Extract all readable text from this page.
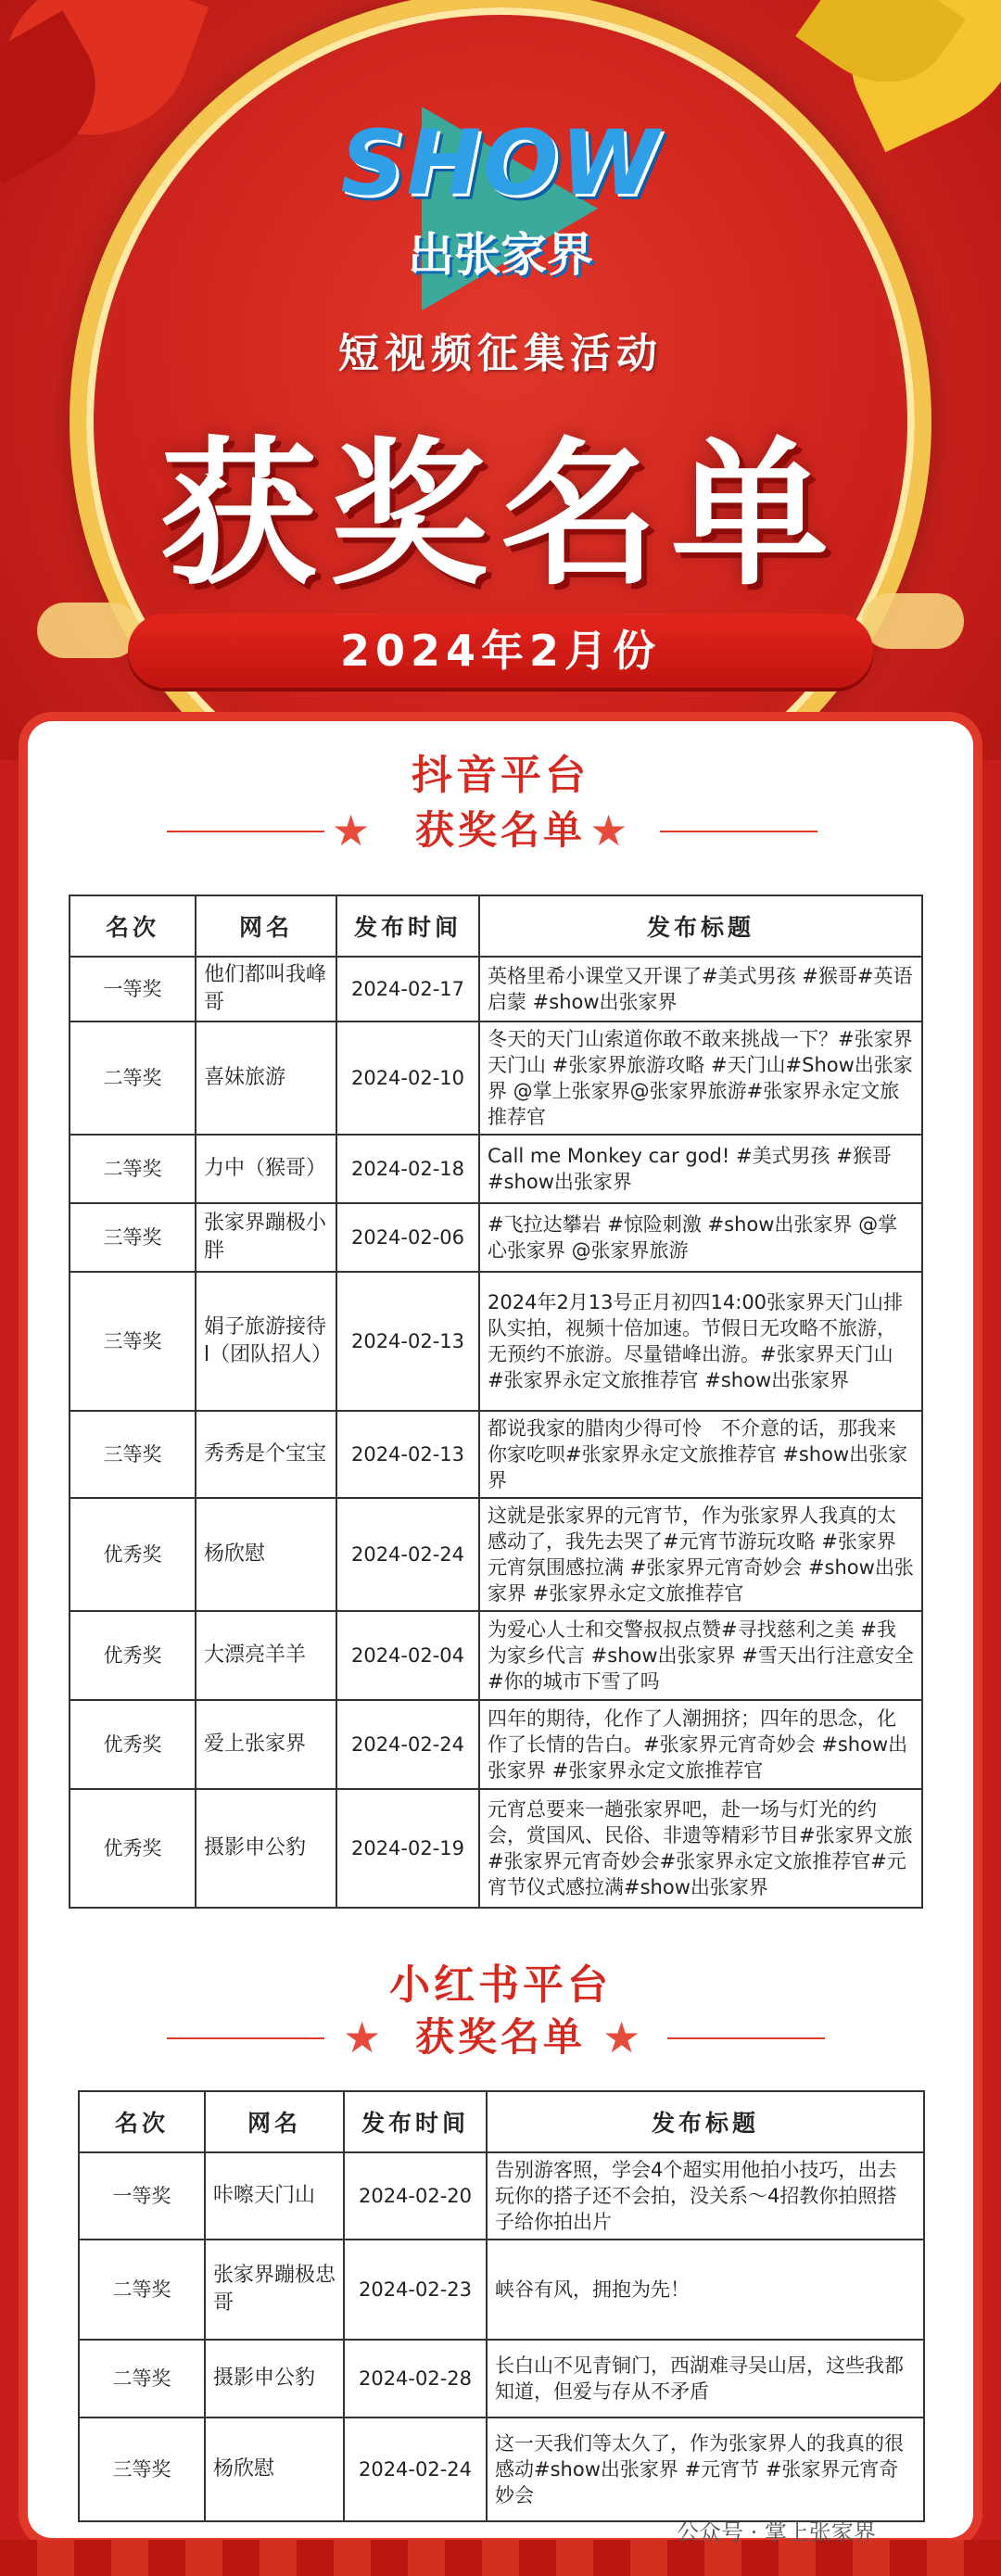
SHOW
出张家界
短视频征集活动
获奖名单
2024年2月份
抖音平台
★	获奖名单 ★
名次	网名	发布时间	发布标题
一等奖	他们都叫我峰哥	2024-02-17	英格里希小课堂又开课了#美式男孩 #猴哥#英语启蒙 #show出张家界
二等奖	喜妹旅游	2024-02-10	冬天的天门山索道你敢不敢来挑战一下？#张家界天门山 #张家界旅游攻略 #天门山#Show出张家界 @掌上张家界@张家界旅游#张家界永定文旅推荐官
二等奖	力中（猴哥）	2024-02-18	Call me Monkey car god! #美式男孩 #猴哥#show出张家界
三等奖	张家界蹦极小胖	2024-02-06	#飞拉达攀岩 #惊险刺激 #show出张家界 @掌心张家界 @张家界旅游
三等奖	娟子旅游接待l（团队招人）	2024-02-13	2024年2月13号正月初四14:00张家界天门山排队实拍，视频十倍加速。节假日无攻略不旅游，无预约不旅游。尽量错峰出游。#张家界天门山 #张家界永定文旅推荐官 #show出张家界
三等奖	秀秀是个宝宝	2024-02-13	都说我家的腊肉少得可怜　不介意的话，那我来你家吃呗#张家界永定文旅推荐官 #show出张家界
优秀奖	杨欣慰	2024-02-24	这就是张家界的元宵节，作为张家界人我真的太感动了，我先去哭了#元宵节游玩攻略 #张家界元宵氛围感拉满 #张家界元宵奇妙会 #show出张家界 #张家界永定文旅推荐官
优秀奖	大漂亮羊羊	2024-02-04	为爱心人士和交警叔叔点赞#寻找慈利之美 #我为家乡代言 #show出张家界 #雪天出行注意安全 #你的城市下雪了吗
优秀奖	爱上张家界	2024-02-24	四年的期待，化作了人潮拥挤；四年的思念，化作了长情的告白。#张家界元宵奇妙会 #show出张家界 #张家界永定文旅推荐官
优秀奖	摄影申公豹	2024-02-19	元宵总要来一趟张家界吧，赴一场与灯光的约会，赏国风、民俗、非遗等精彩节目#张家界文旅 #张家界元宵奇妙会#张家界永定文旅推荐官#元宵节仪式感拉满#show出张家界
小红书平台
★ 获奖名单 ★
名次	网名	发布时间	发布标题
一等奖	咔嚓天门山	2024-02-20	告别游客照，学会4个超实用他拍小技巧，出去玩你的搭子还不会拍，没关系～4招教你拍照搭子给你拍出片
二等奖	张家界蹦极忠哥	2024-02-23	峡谷有风，拥抱为先！
二等奖	摄影申公豹	2024-02-28	长白山不见青铜门，西湖难寻吴山居，这些我都知道，但爱与存从不矛盾
三等奖	杨欣慰	2024-02-24	这一天我们等太久了，作为张家界人的我真的很感动#show出张家界 #元宵节 #张家界元宵奇妙会
公众号 · 掌上张家界
